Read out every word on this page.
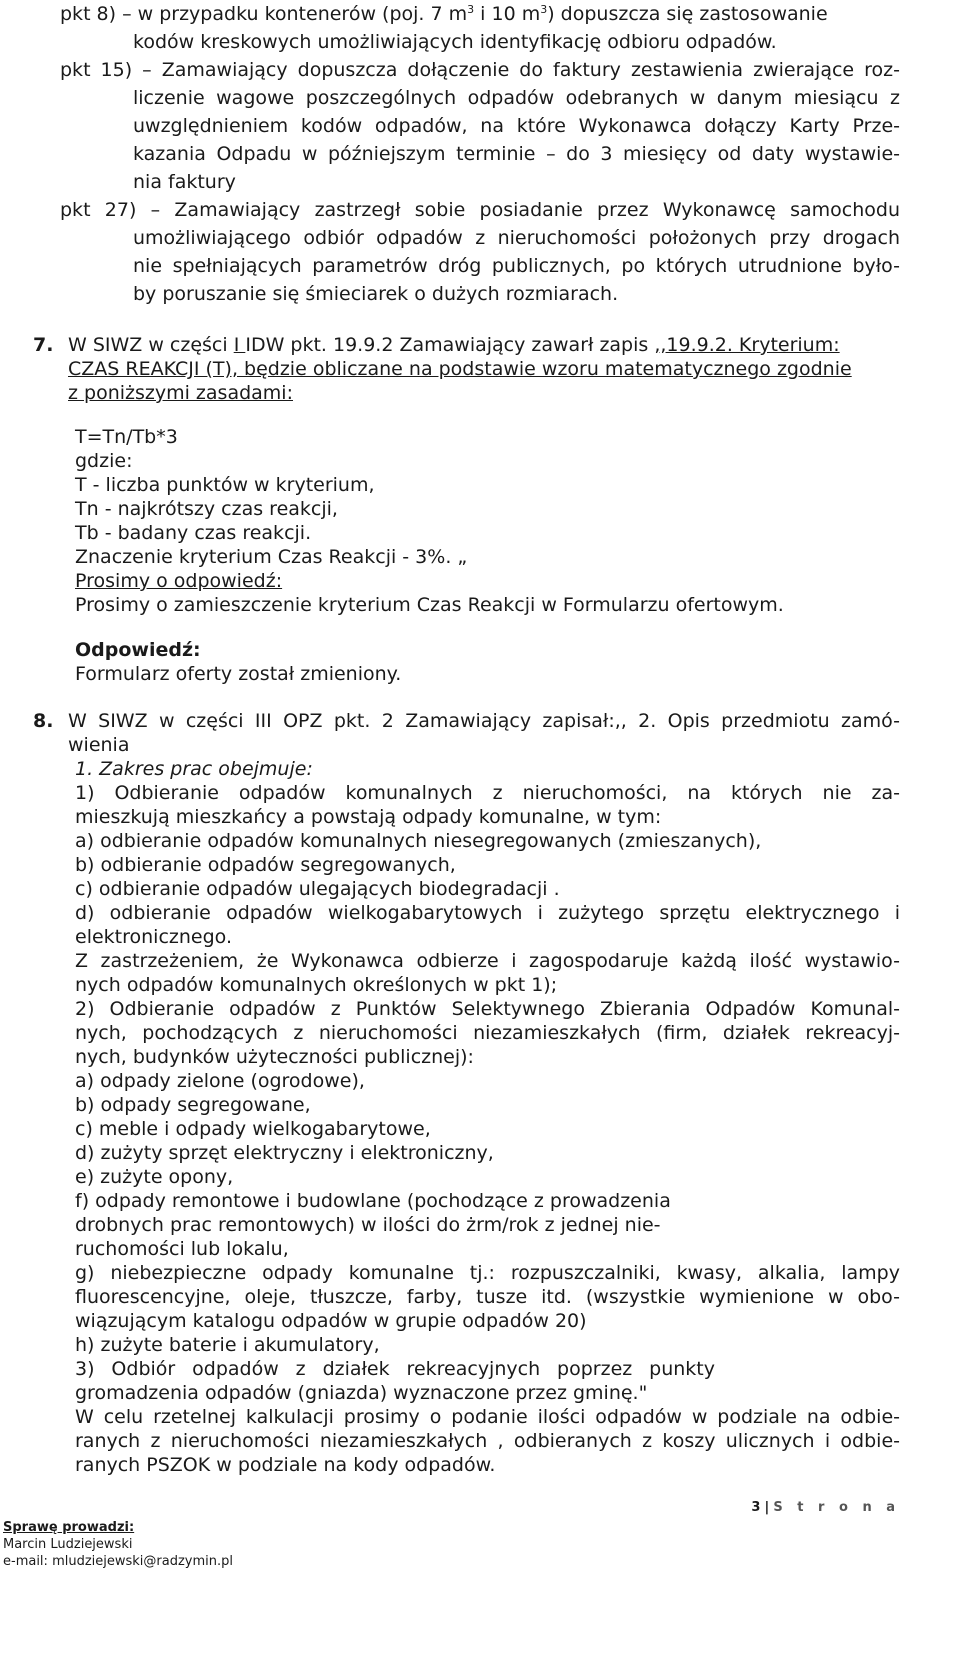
pkt 8) – w przypadku kontenerów (poj. 7 $m^3$ i 10 $m^3$) dopuszcza się zastosowanie
kodów kreskowych umożliwiających identyfikację odbioru odpadów.
pkt 15) – Zamawiający dopuszcza dołączenie do faktury zestawienia zwierające roz-
liczenie wagowe poszczególnych odpadów odebranych w danym miesiącu z
uwzględnieniem kodów odpadów, na które Wykonawca dołączy Karty Prze-
kazania Odpadu w późniejszym terminie – do 3 miesięcy od daty wystawie-
nia faktury
pkt 27) – Zamawiający zastrzegł sobie posiadanie przez Wykonawcę samochodu
umożliwiającego odbiór odpadów z nieruchomości położonych przy drogach
nie spełniających parametrów dróg publicznych, po których utrudnione było-
by poruszanie się śmieciarek o dużych rozmiarach.
7. W SIWZ w części I IDW pkt. 19.9.2 Zamawiający zawarł zapis ,,19.9.2. Kryterium:
CZAS REAKCJI (T), będzie obliczane na podstawie wzoru matematycznego zgodnie
z poniższymi zasadami:
T=Tn/Tb*3
gdzie:
T - liczba punktów w kryterium,
Tn - najkrótszy czas reakcji,
Tb - badany czas reakcji.
Znaczenie kryterium Czas Reakcji - 3%. „
Prosimy o odpowiedź:
Prosimy o zamieszczenie kryterium Czas Reakcji w Formularzu ofertowym.
Odpowiedź:
Formularz oferty został zmieniony.
8. W SIWZ w części III OPZ pkt. 2 Zamawiający zapisał:,, 2. Opis przedmiotu zamó-
wienia
1. Zakres prac obejmuje:
1) Odbieranie odpadów komunalnych z nieruchomości, na których nie za-
mieszkują mieszkańcy a powstają odpady komunalne, w tym:
a) odbieranie odpadów komunalnych niesegregowanych (zmieszanych),
b) odbieranie odpadów segregowanych,
c) odbieranie odpadów ulegających biodegradacji .
d) odbieranie odpadów wielkogabarytowych i zużytego sprzętu elektrycznego i
elektronicznego.
Z zastrzeżeniem, że Wykonawca odbierze i zagospodaruje każdą ilość wystawio-
nych odpadów komunalnych określonych w pkt 1);
2) Odbieranie odpadów z Punktów Selektywnego Zbierania Odpadów Komunal-
nych, pochodzących z nieruchomości niezamieszkałych (firm, działek rekreacyj-
nych, budynków użyteczności publicznej):
a) odpady zielone (ogrodowe),
b) odpady segregowane,
c) meble i odpady wielkogabarytowe,
d) zużyty sprzęt elektryczny i elektroniczny,
e) zużyte opony,
f) odpady remontowe i budowlane (pochodzące z prowadzenia
drobnych prac remontowych) w ilości do żrm/rok z jednej nie-
ruchomości lub lokalu,
g) niebezpieczne odpady komunalne tj.: rozpuszczalniki, kwasy, alkalia, lampy
fluorescencyjne, oleje, tłuszcze, farby, tusze itd. (wszystkie wymienione w obo-
wiązującym katalogu odpadów w grupie odpadów 20)
h) zużyte baterie i akumulatory,
3) Odbiór odpadów z działek rekreacyjnych poprzez punkty
gromadzenia odpadów (gniazda) wyznaczone przez gminę."
W celu rzetelnej kalkulacji prosimy o podanie ilości odpadów w podziale na odbie-
ranych z nieruchomości niezamieszkałych , odbieranych z koszy ulicznych i odbie-
ranych PSZOK w podziale na kody odpadów.
3 | S t r o n a
Sprawę prowadzi:
Marcin Ludziejewski
e-mail: mludziejewski@radzymin.pl
